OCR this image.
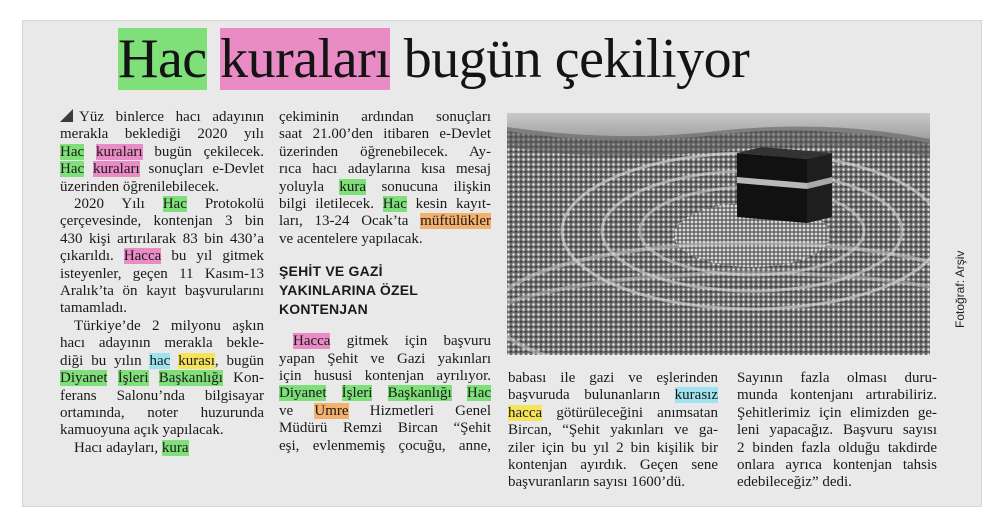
Hac kuraları bugün çekiliyor
Yüz binlerce hacı adayının
merakla beklediği 2020 yılı
Hac kuraları bugün çekilecek.
Hac kuraları sonuçları e-Devlet
üzerinden öğrenilebilecek.
2020 Yılı Hac Protokolü
çerçevesinde, kontenjan 3 bin
430 kişi artırılarak 83 bin 430’a
çıkarıldı. Hacca bu yıl gitmek
isteyenler, geçen 11 Kasım-13
Aralık’ta ön kayıt başvurularını
tamamladı.
Türkiye’de 2 milyonu aşkın
hacı adayının merakla bekle-
diği bu yılın hac kurası, bugün
Diyanet İşleri Başkanlığı Kon-
ferans Salonu’nda bilgisayar
ortamında, noter huzurunda
kamuoyuna açık yapılacak.
Hacı adayları, kura
çekiminin ardından sonuçları
saat 21.00’den itibaren e-Devlet
üzerinden öğrenebilecek. Ay-
rıca hacı adaylarına kısa mesaj
yoluyla kura sonucuna ilişkin
bilgi iletilecek. Hac kesin kayıt-
ları, 13-24 Ocak’ta müftülükler
ve acentelere yapılacak.
ŞEHİT VE GAZİ
YAKINLARINA ÖZEL
KONTENJAN
Hacca gitmek için başvuru
yapan Şehit ve Gazi yakınları
için hususi kontenjan ayrılıyor.
Diyanet İşleri Başkanlığı Hac
ve Umre Hizmetleri Genel
Müdürü Remzi Bircan “Şehit
eşi, evlenmemiş çocuğu, anne,
Fotoğraf: Arşiv
babası ile gazi ve eşlerinden
başvuruda bulunanların kurasız
hacca götürüleceğini anımsatan
Bircan, “Şehit yakınları ve ga-
ziler için bu yıl 2 bin kişilik bir
kontenjan ayırdık. Geçen sene
başvuranların sayısı 1600’dü.
Sayının fazla olması duru-
munda kontenjanı artırabiliriz.
Şehitlerimiz için elimizden ge-
leni yapacağız. Başvuru sayısı
2 binden fazla olduğu takdirde
onlara ayrıca kontenjan tahsis
edebileceğiz” dedi.
